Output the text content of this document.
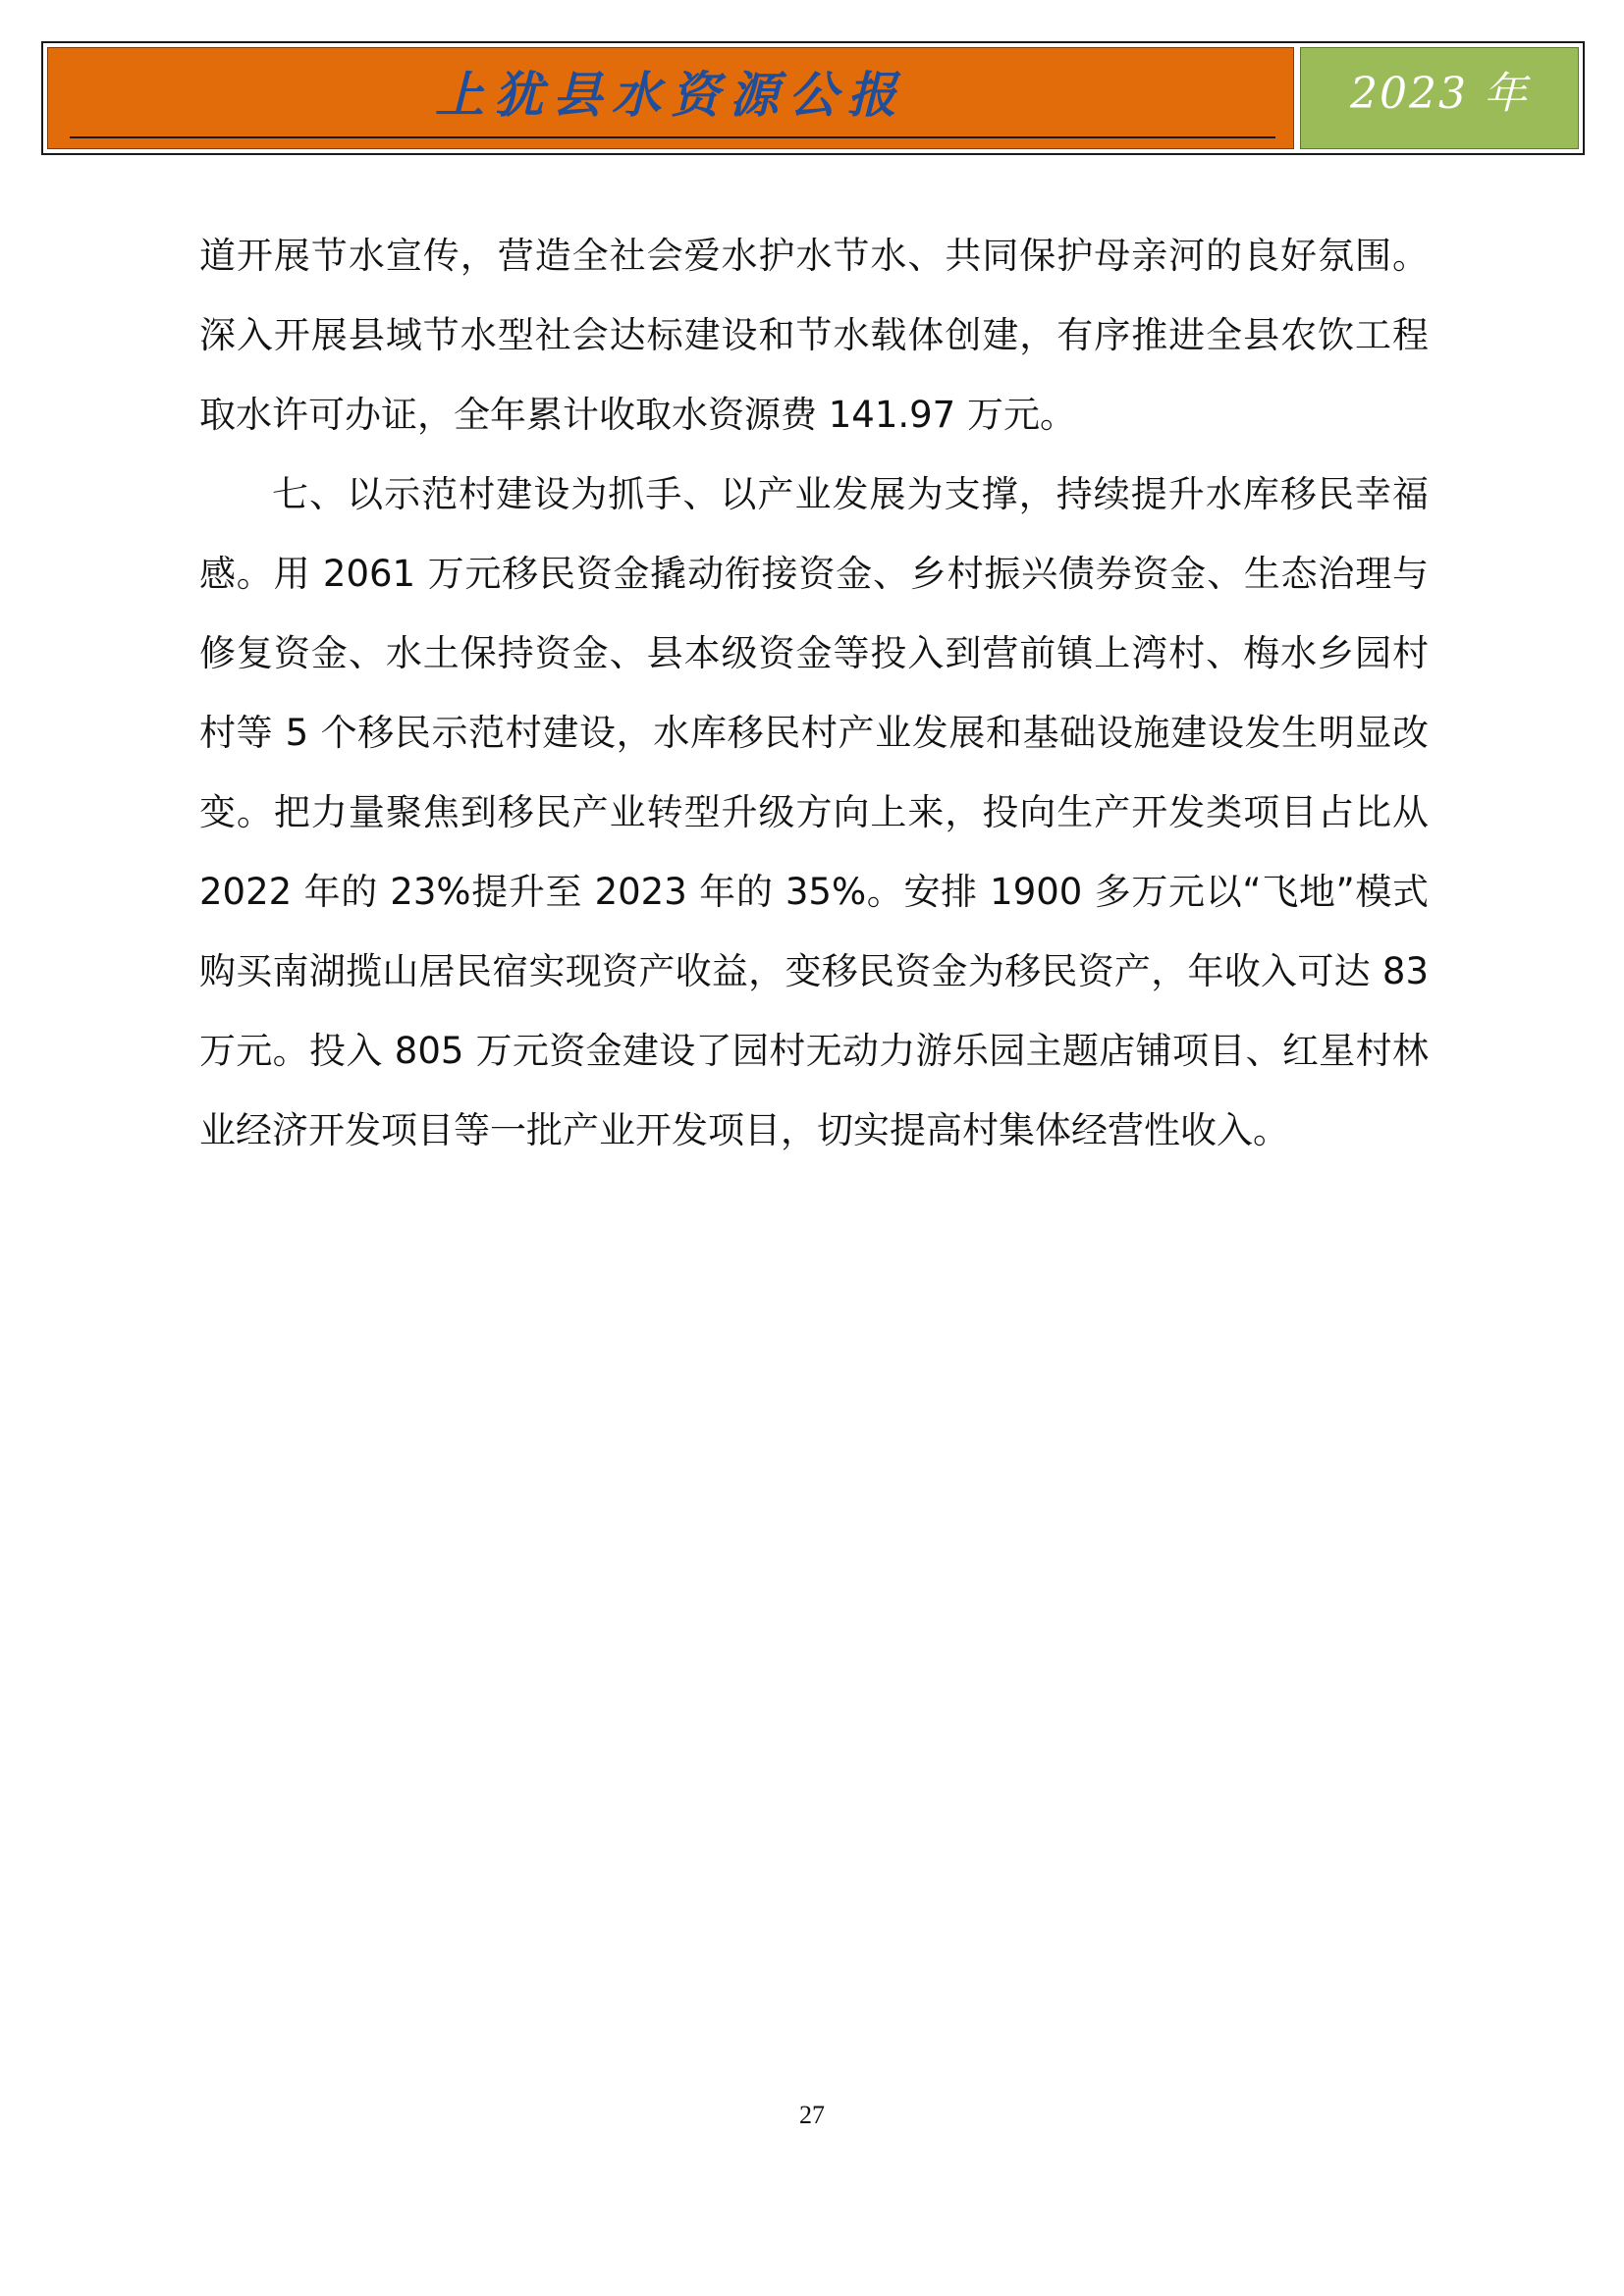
上犹县水资源公报	2023 年

道开展节水宣传，营造全社会爱水护水节水、共同保护母亲河的良好氛围。深入开展县域节水型社会达标建设和节水载体创建，有序推进全县农饮工程取水许可办证，全年累计收取水资源费 141.97 万元。

七、以示范村建设为抓手、以产业发展为支撑，持续提升水库移民幸福感。用 2061 万元移民资金撬动衔接资金、乡村振兴债券资金、生态治理与修复资金、水土保持资金、县本级资金等投入到营前镇上湾村、梅水乡园村村等 5 个移民示范村建设，水库移民村产业发展和基础设施建设发生明显改变。把力量聚焦到移民产业转型升级方向上来，投向生产开发类项目占比从 2022 年的 23%提升至 2023 年的 35%。安排 1900 多万元以“飞地”模式购买南湖揽山居民宿实现资产收益，变移民资金为移民资产，年收入可达 83 万元。投入 805 万元资金建设了园村无动力游乐园主题店铺项目、红星村林业经济开发项目等一批产业开发项目，切实提高村集体经营性收入。

27
